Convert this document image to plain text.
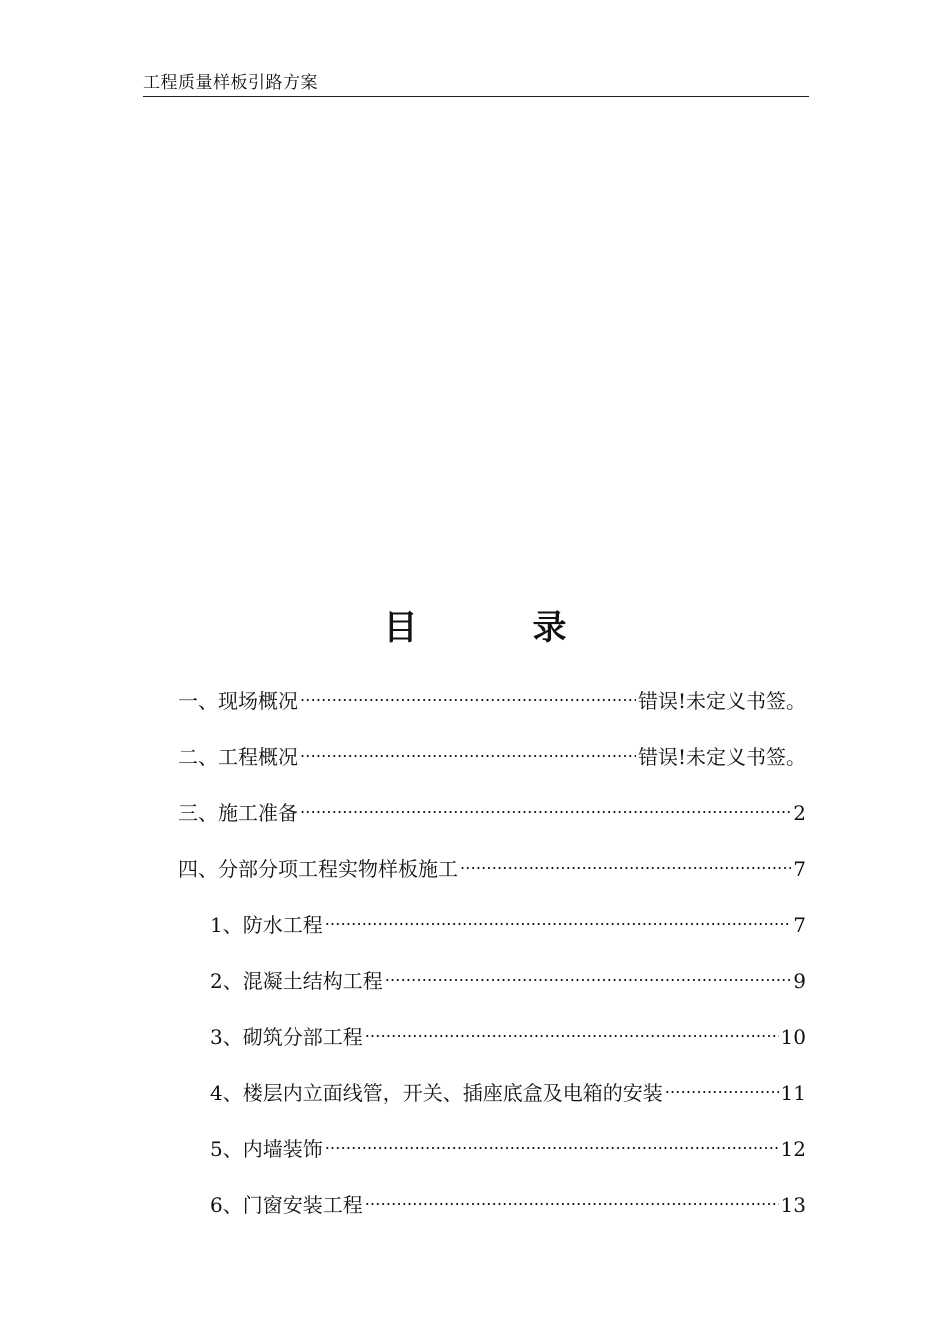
工程质量样板引路方案
目	录
一、现场概况 .....	错误!未定义书签。
二、工程概况 .....	错误!未定义书签。
三、施工准备 .....	2
四、分部分项工程实物样板施工 .....	7
1、防水工程 .....	7
2、混凝土结构工程 .....	9
3、砌筑分部工程 .....	10
4、楼层内立面线管，开关、插座底盒及电箱的安装 .....	11
5、内墙装饰 .....	12
6、门窗安装工程 .....	13
